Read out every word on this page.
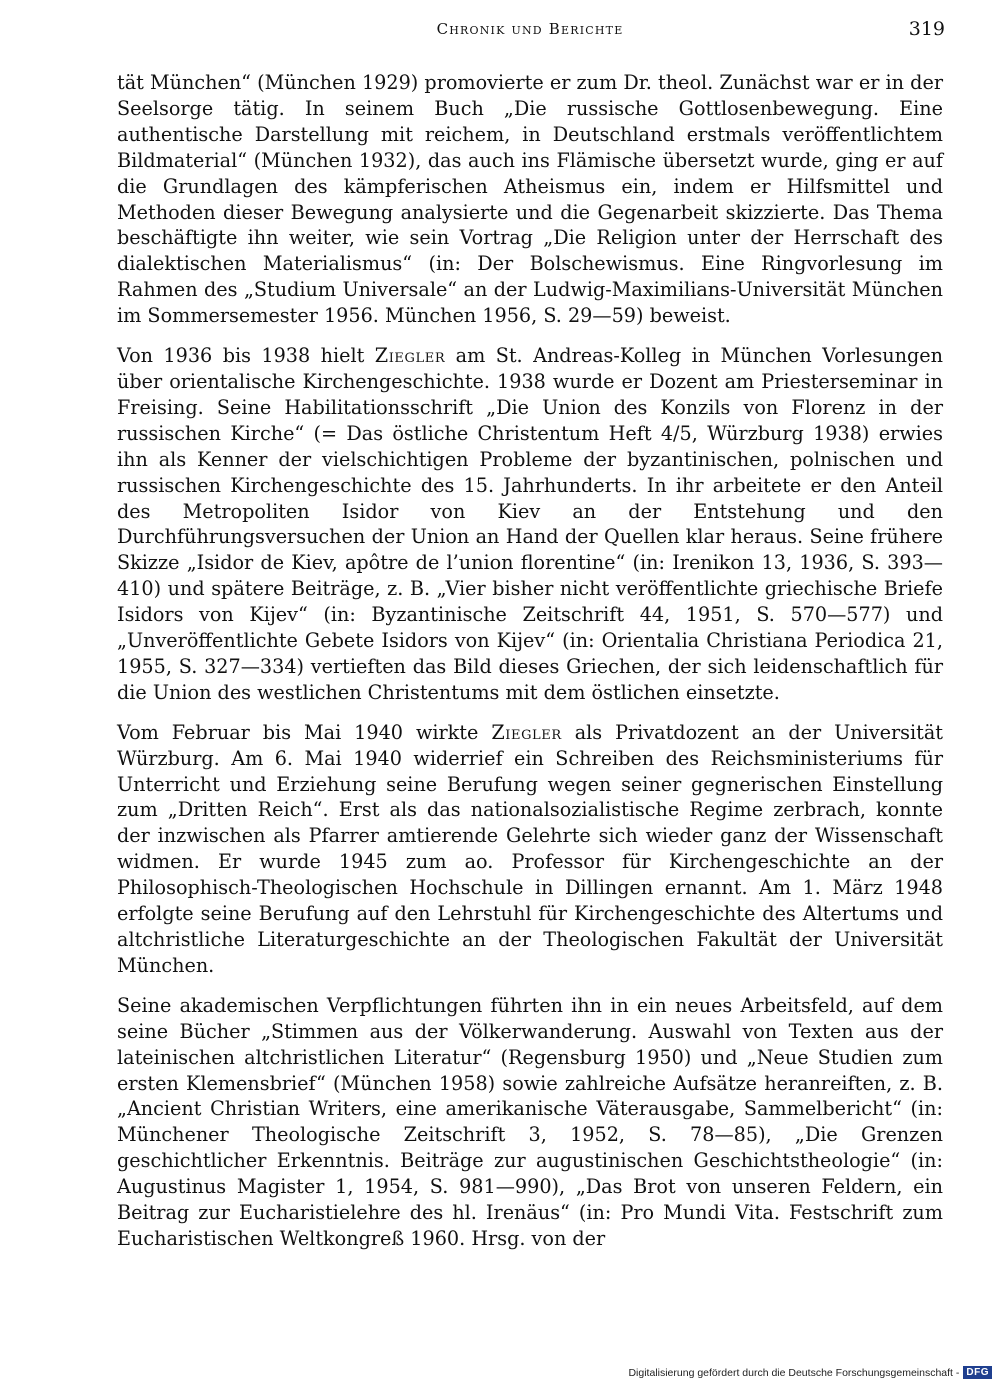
Chronik und Berichte	319

tät München“ (München 1929) promovierte er zum Dr. theol. Zunächst war er in der Seelsorge tätig. In seinem Buch „Die russische Gottlosenbewegung. Eine authentische Darstellung mit reichem, in Deutschland erstmals veröffentlichtem Bildmaterial“ (München 1932), das auch ins Flämische übersetzt wurde, ging er auf die Grundlagen des kämpferischen Atheismus ein, indem er Hilfsmittel und Methoden dieser Bewegung analysierte und die Gegenarbeit skizzierte. Das Thema beschäftigte ihn weiter, wie sein Vortrag „Die Religion unter der Herrschaft des dialektischen Materialismus“ (in: Der Bolschewismus. Eine Ringvorlesung im Rahmen des „Studium Universale“ an der Ludwig-Maximilians-Universität München im Sommersemester 1956. München 1956, S. 29—59) beweist.

Von 1936 bis 1938 hielt Ziegler am St. Andreas-Kolleg in München Vorlesungen über orientalische Kirchengeschichte. 1938 wurde er Dozent am Priesterseminar in Freising. Seine Habilitationsschrift „Die Union des Konzils von Florenz in der russischen Kirche“ (= Das östliche Christentum Heft 4/5, Würzburg 1938) erwies ihn als Kenner der vielschichtigen Probleme der byzantinischen, polnischen und russischen Kirchengeschichte des 15. Jahrhunderts. In ihr arbeitete er den Anteil des Metropoliten Isidor von Kiev an der Entstehung und den Durchführungsversuchen der Union an Hand der Quellen klar heraus. Seine frühere Skizze „Isidor de Kiev, apôtre de l’union florentine“ (in: Irenikon 13, 1936, S. 393—410) und spätere Beiträge, z. B. „Vier bisher nicht veröffentlichte griechische Briefe Isidors von Kijev“ (in: Byzantinische Zeitschrift 44, 1951, S. 570—577) und „Unveröffentlichte Gebete Isidors von Kijev“ (in: Orientalia Christiana Periodica 21, 1955, S. 327—334) vertieften das Bild dieses Griechen, der sich leidenschaftlich für die Union des westlichen Christentums mit dem östlichen einsetzte.

Vom Februar bis Mai 1940 wirkte Ziegler als Privatdozent an der Universität Würzburg. Am 6. Mai 1940 widerrief ein Schreiben des Reichsministeriums für Unterricht und Erziehung seine Berufung wegen seiner gegnerischen Einstellung zum „Dritten Reich“. Erst als das nationalsozialistische Regime zerbrach, konnte der inzwischen als Pfarrer amtierende Gelehrte sich wieder ganz der Wissenschaft widmen. Er wurde 1945 zum ao. Professor für Kirchengeschichte an der Philosophisch-Theologischen Hochschule in Dillingen ernannt. Am 1. März 1948 erfolgte seine Berufung auf den Lehrstuhl für Kirchengeschichte des Altertums und altchristliche Literaturgeschichte an der Theologischen Fakultät der Universität München.

Seine akademischen Verpflichtungen führten ihn in ein neues Arbeitsfeld, auf dem seine Bücher „Stimmen aus der Völkerwanderung. Auswahl von Texten aus der lateinischen altchristlichen Literatur“ (Regensburg 1950) und „Neue Studien zum ersten Klemensbrief“ (München 1958) sowie zahlreiche Aufsätze heranreiften, z. B. „Ancient Christian Writers, eine amerikanische Väterausgabe, Sammelbericht“ (in: Münchener Theologische Zeitschrift 3, 1952, S. 78—85), „Die Grenzen geschichtlicher Erkenntnis. Beiträge zur augustinischen Geschichtstheologie“ (in: Augustinus Magister 1, 1954, S. 981—990), „Das Brot von unseren Feldern, ein Beitrag zur Eucharistielehre des hl. Irenäus“ (in: Pro Mundi Vita. Festschrift zum Eucharistischen Weltkongreß 1960. Hrsg. von der

Digitalisierung gefördert durch die Deutsche Forschungsgemeinschaft - DFG
